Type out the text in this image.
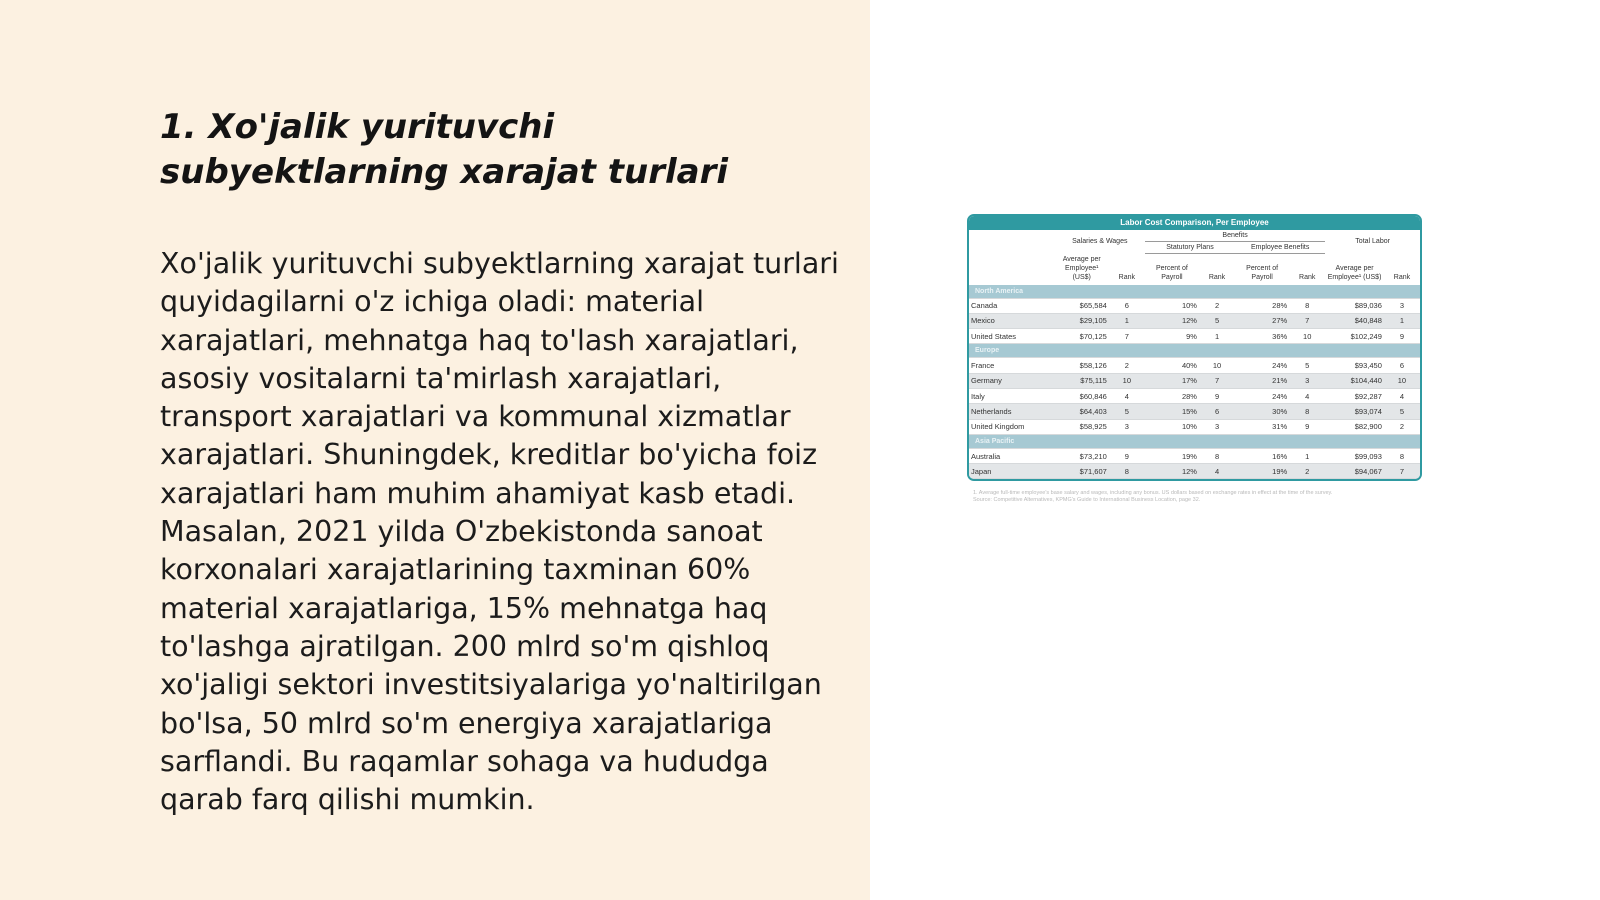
1. Xo'jalik yurituvchi subyektlarning xarajat turlari

Xo'jalik yurituvchi subyektlarning xarajat turlari quyidagilarni o'z ichiga oladi: material xarajatlari, mehnatga haq to'lash xarajatlari, asosiy vositalarni ta'mirlash xarajatlari, transport xarajatlari va kommunal xizmatlar xarajatlari. Shuningdek, kreditlar bo'yicha foiz xarajatlari ham muhim ahamiyat kasb etadi. Masalan, 2021 yilda O'zbekistonda sanoat korxonalari xarajatlarining taxminan 60% material xarajatlariga, 15% mehnatga haq to'lashga ajratilgan. 200 mlrd so'm qishloq xo'jaligi sektori investitsiyalariga yo'naltirilgan bo'lsa, 50 mlrd so'm energiya xarajatlariga sarflandi. Bu raqamlar sohaga va hududga qarab farq qilishi mumkin.

Labor Cost Comparison, Per Employee
	Salaries & Wages		Benefits				Total Labor	
			Statutory Plans		Employee Benefits			
	Average per Employee¹ (US$)	Rank	Percent of Payroll	Rank	Percent of Payroll	Rank	Average per Employee¹ (US$)	Rank
North America								
Canada	$65,584	6	10%	2	28%	8	$89,036	3
Mexico	$29,105	1	12%	5	27%	7	$40,848	1
United States	$70,125	7	9%	1	36%	10	$102,249	9
Europe								
France	$58,126	2	40%	10	24%	5	$93,450	6
Germany	$75,115	10	17%	7	21%	3	$104,440	10
Italy	$60,846	4	28%	9	24%	4	$92,287	4
Netherlands	$64,403	5	15%	6	30%	8	$93,074	5
United Kingdom	$58,925	3	10%	3	31%	9	$82,900	2
Asia Pacific								
Australia	$73,210	9	19%	8	16%	1	$99,093	8
Japan	$71,607	8	12%	4	19%	2	$94,067	7
1. Average full-time employee's base salary and wages, including any bonus. US dollars based on exchange rates in effect at the time of the survey.
Source: Competitive Alternatives, KPMG's Guide to International Business Location, page 32.
